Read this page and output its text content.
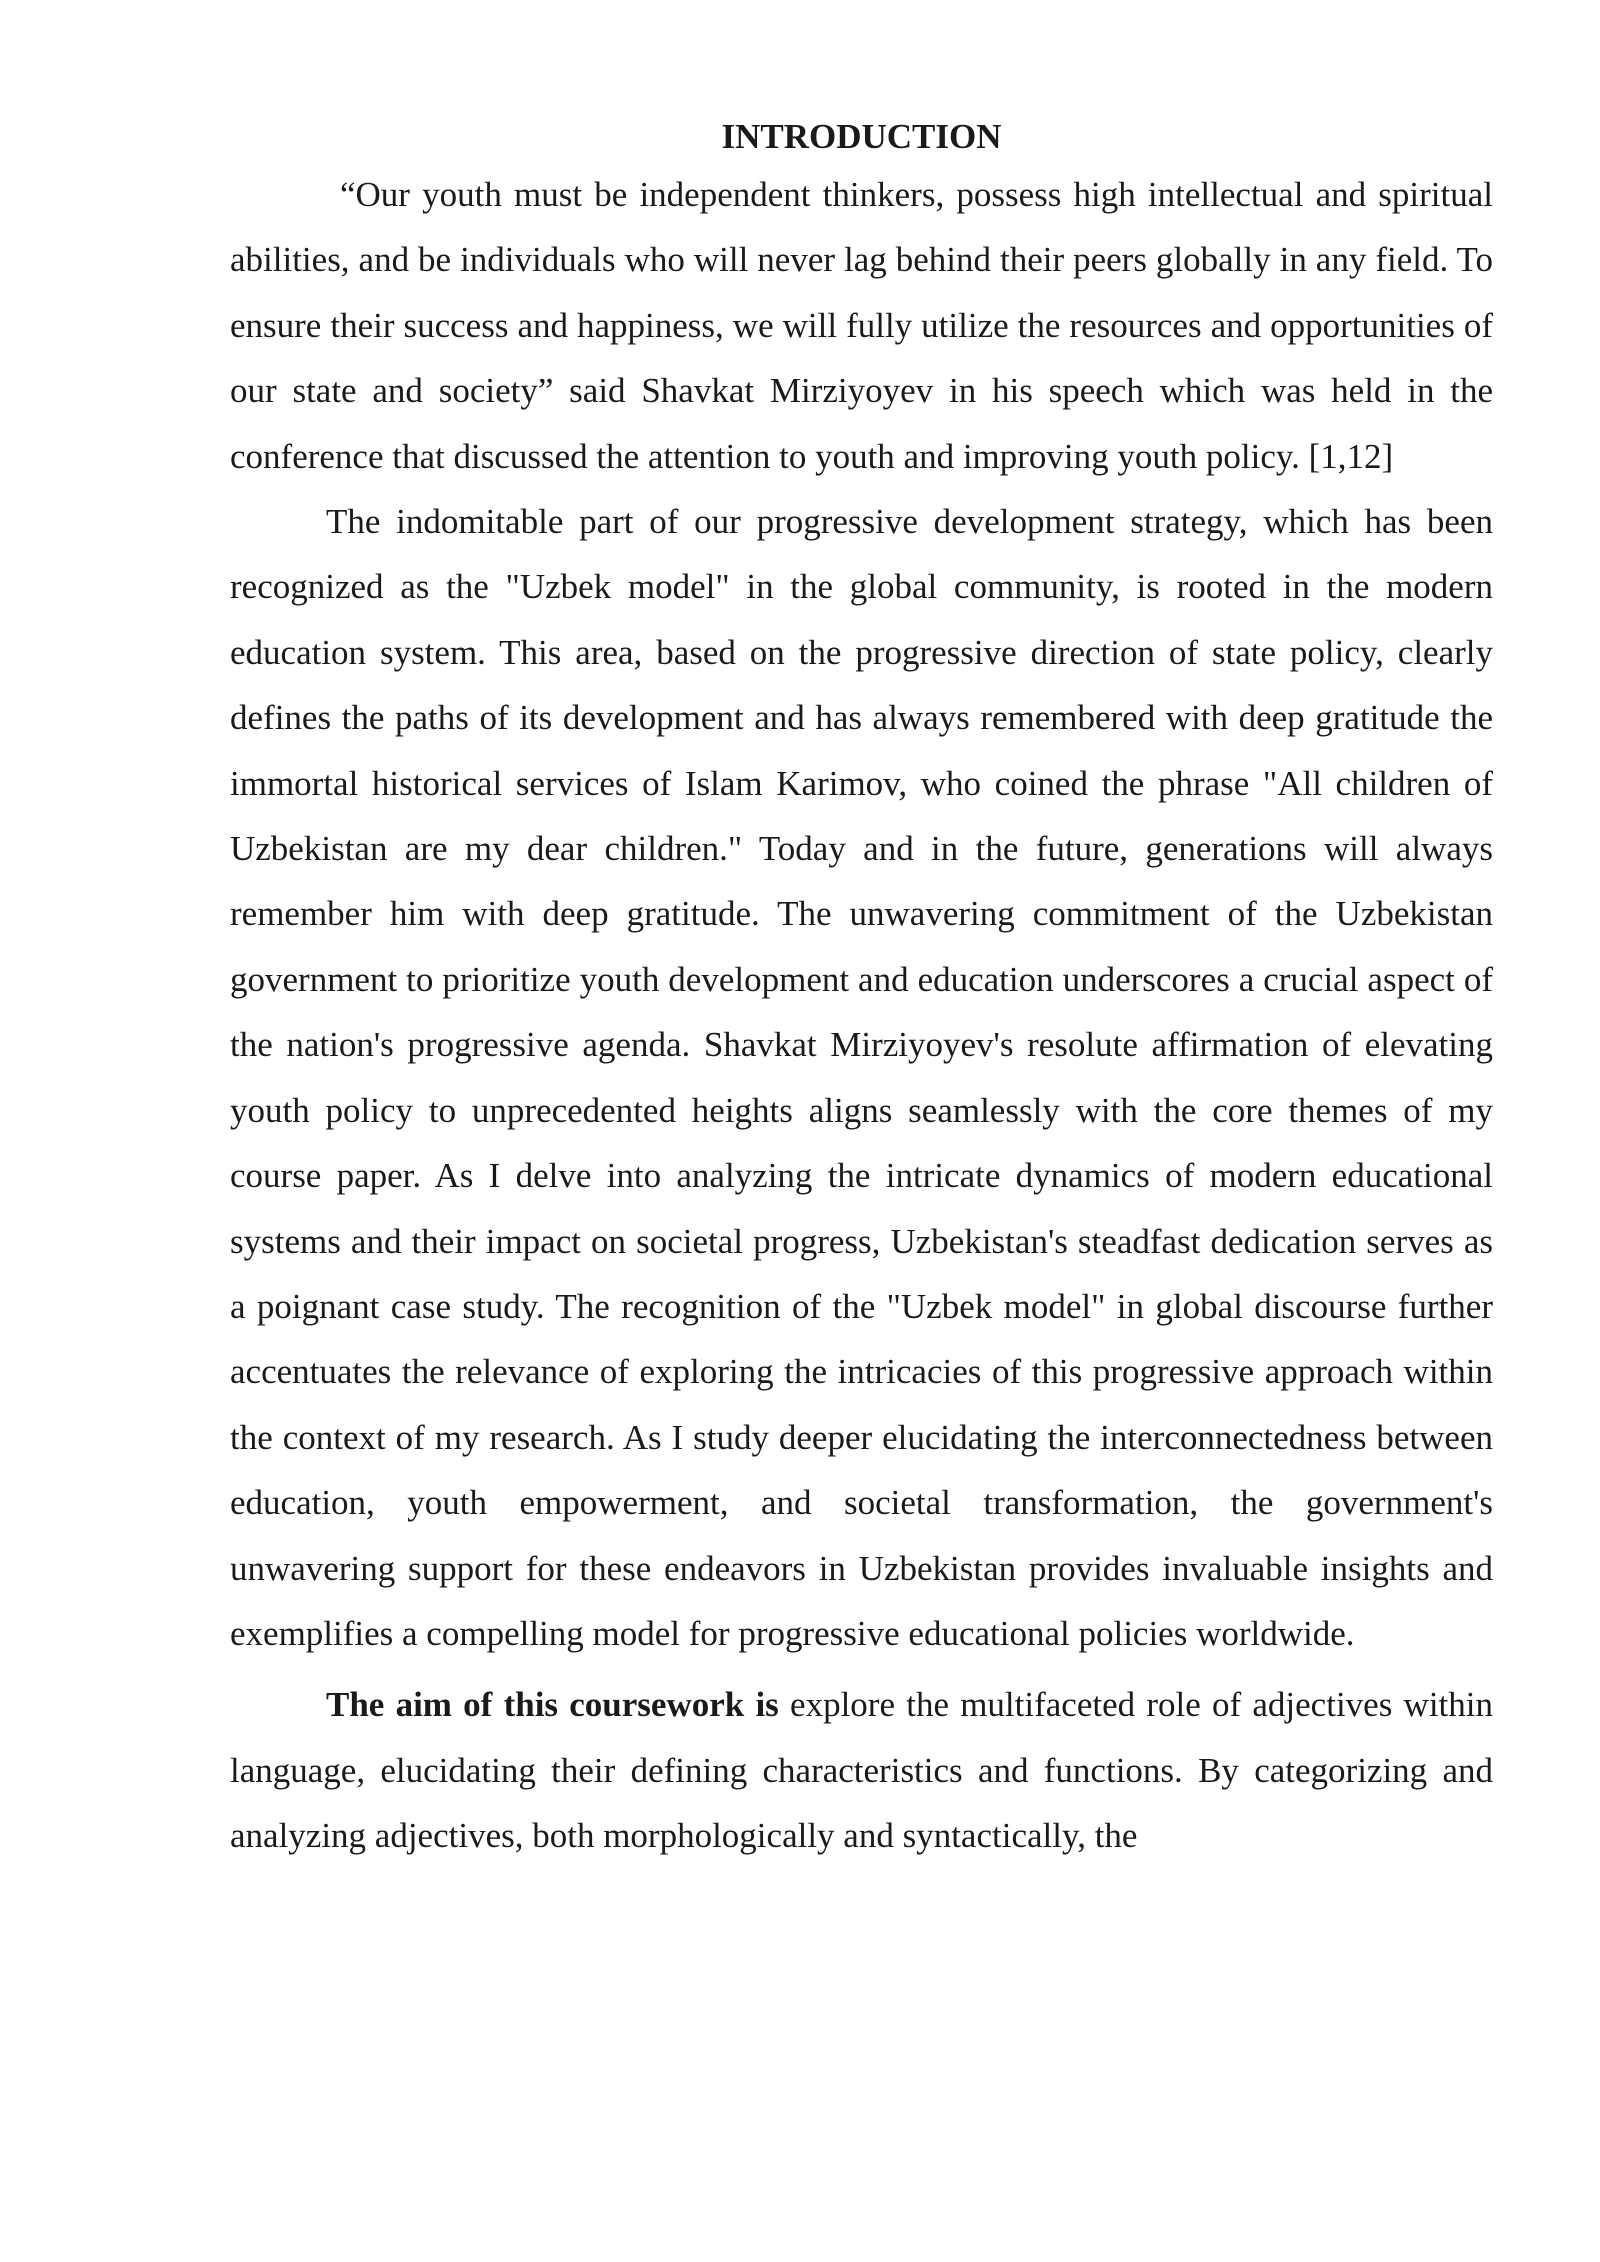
INTRODUCTION

“Our youth must be independent thinkers, possess high intellectual and spiritual abilities, and be individuals who will never lag behind their peers globally in any field. To ensure their success and happiness, we will fully utilize the resources and opportunities of our state and society” said Shavkat Mirziyoyev in his speech which was held in the conference that discussed the attention to youth and improving youth policy. [1,12]

The indomitable part of our progressive development strategy, which has been recognized as the "Uzbek model" in the global community, is rooted in the modern education system. This area, based on the progressive direction of state policy, clearly defines the paths of its development and has always remembered with deep gratitude the immortal historical services of Islam Karimov, who coined the phrase "All children of Uzbekistan are my dear children." Today and in the future, generations will always remember him with deep gratitude. The unwavering commitment of the Uzbekistan government to prioritize youth development and education underscores a crucial aspect of the nation's progressive agenda. Shavkat Mirziyoyev's resolute affirmation of elevating youth policy to unprecedented heights aligns seamlessly with the core themes of my course paper. As I delve into analyzing the intricate dynamics of modern educational systems and their impact on societal progress, Uzbekistan's steadfast dedication serves as a poignant case study. The recognition of the "Uzbek model" in global discourse further accentuates the relevance of exploring the intricacies of this progressive approach within the context of my research. As I study deeper elucidating the interconnectedness between education, youth empowerment, and societal transformation, the government's unwavering support for these endeavors in Uzbekistan provides invaluable insights and exemplifies a compelling model for progressive educational policies worldwide.

The aim of this coursework is explore the multifaceted role of adjectives within language, elucidating their defining characteristics and functions. By categorizing and analyzing adjectives, both morphologically and syntactically, the
